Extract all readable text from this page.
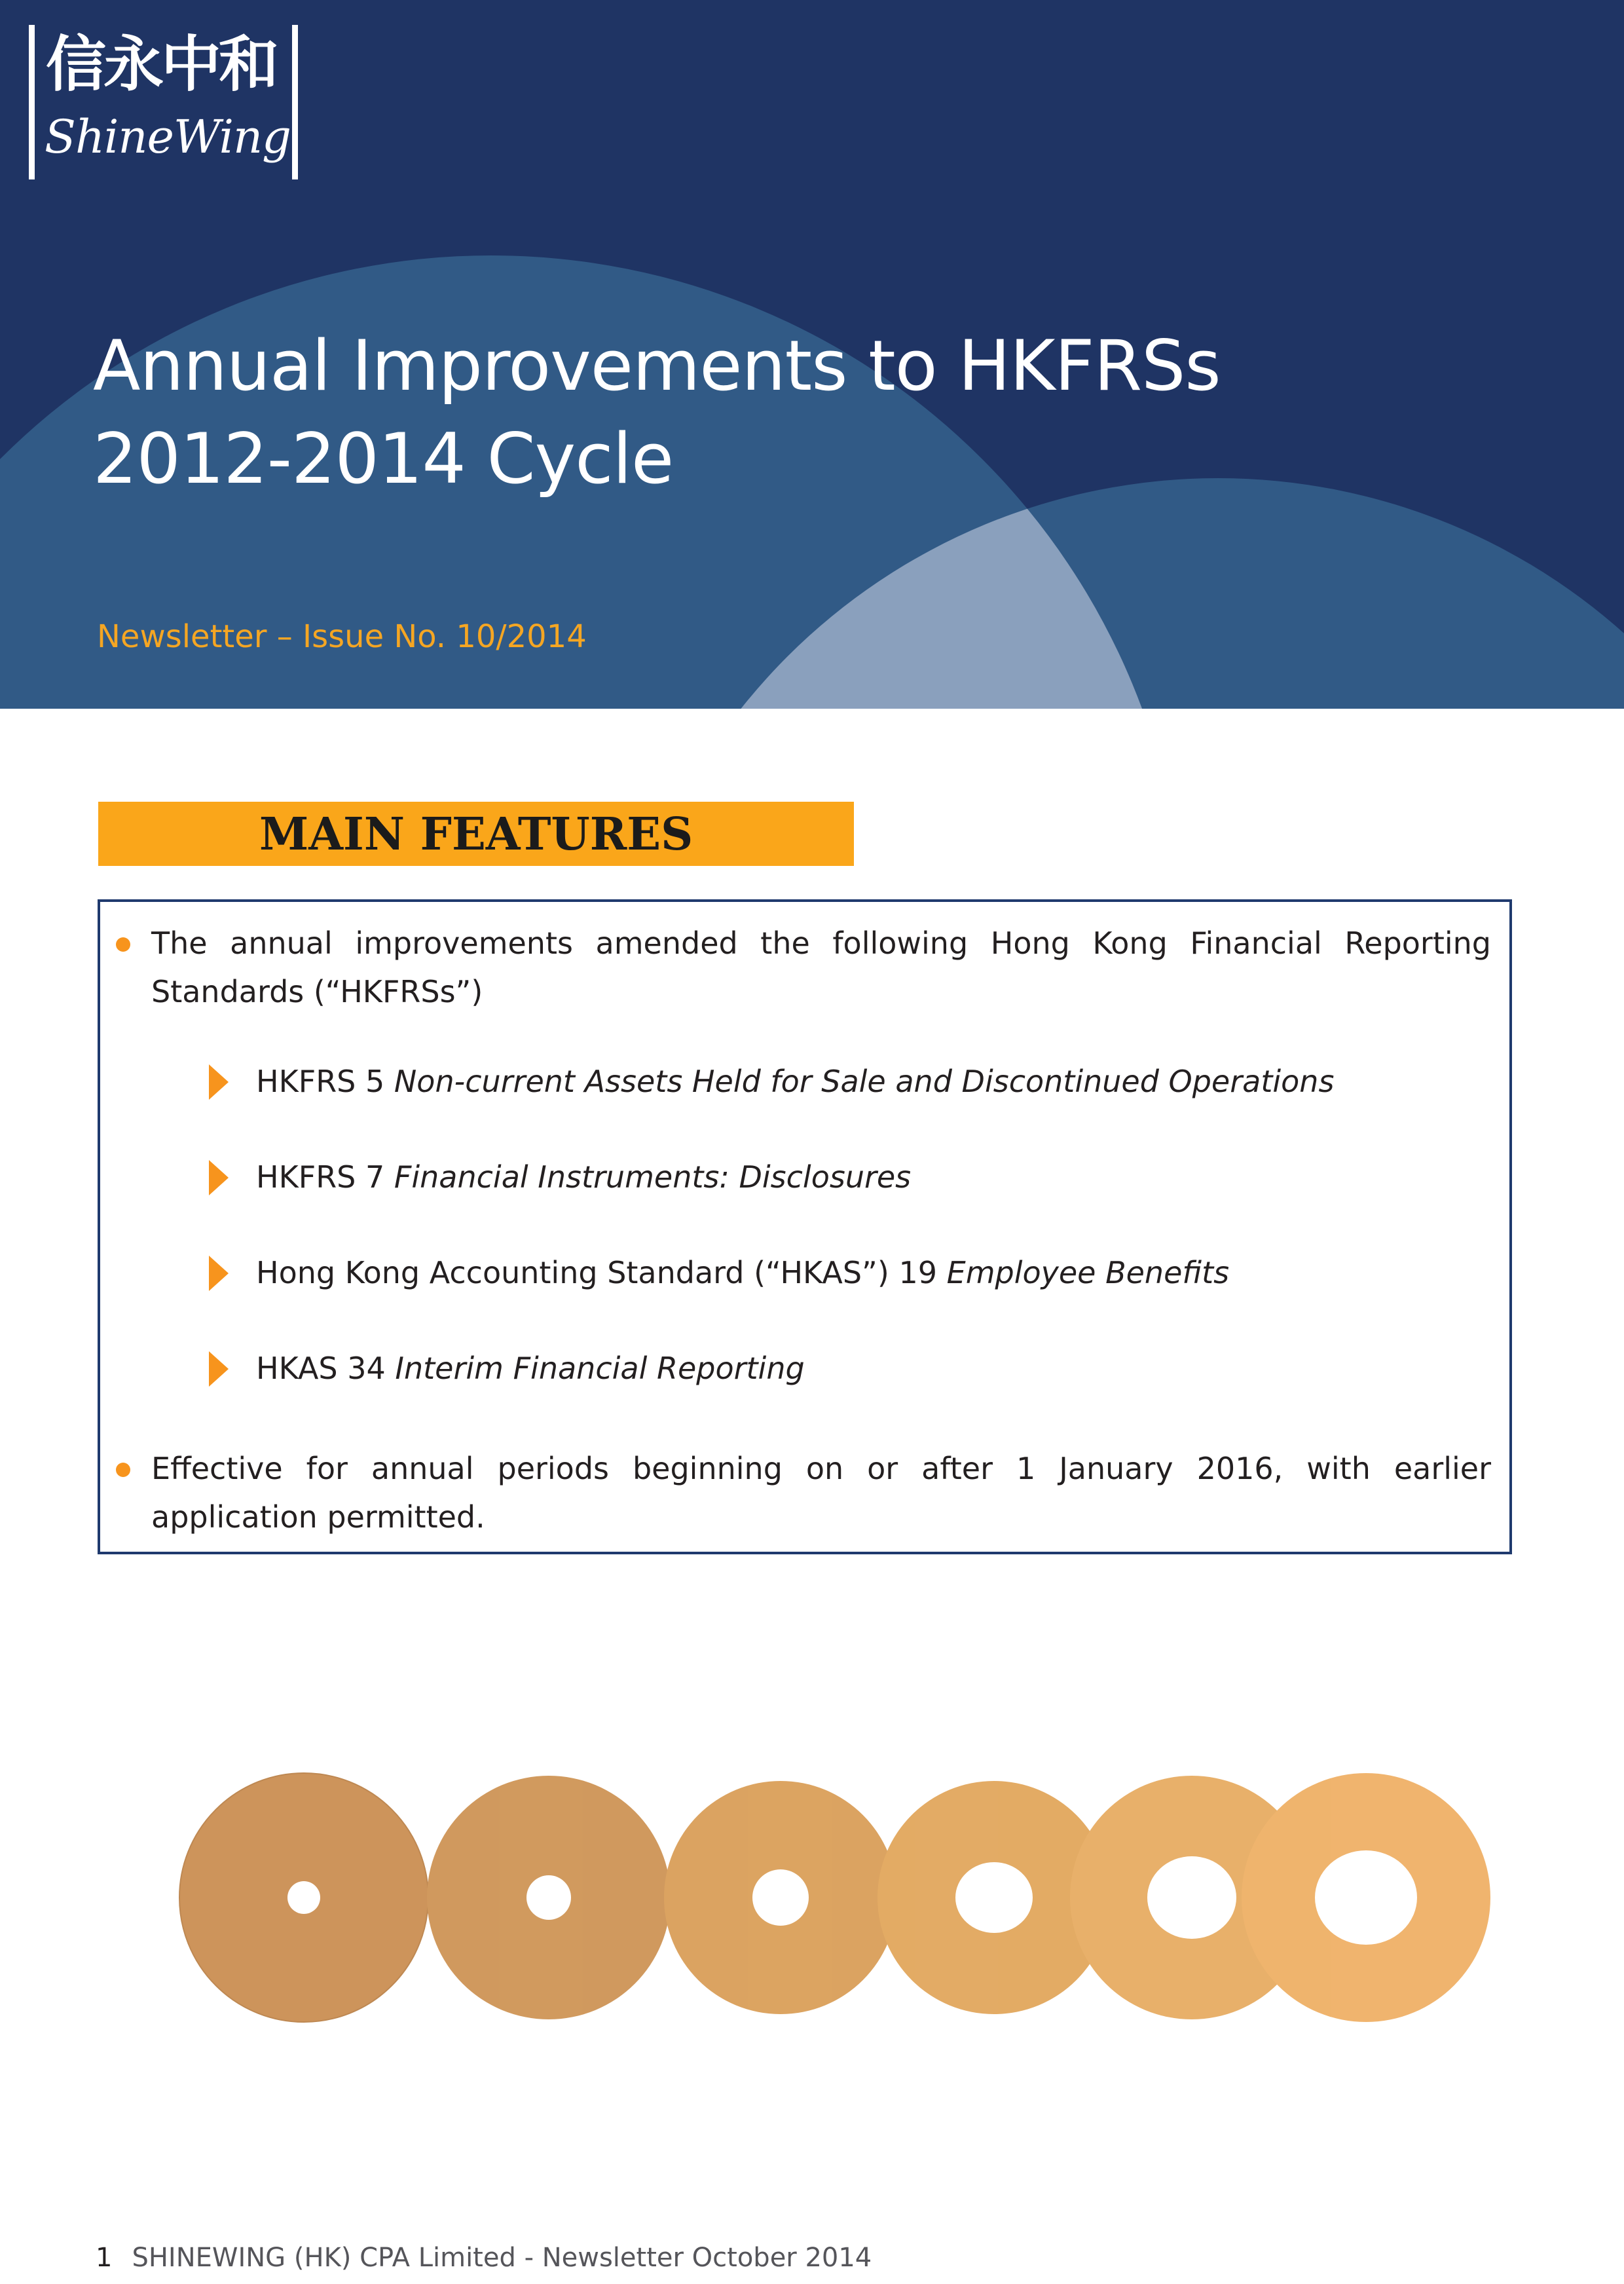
信永中和
ShineWing
Annual Improvements to HKFRSs
2012-2014 Cycle
Newsletter – Issue No. 10/2014
MAIN FEATURES
The annual improvements amended the following Hong Kong Financial Reporting Standards (“HKFRSs”)
HKFRS 5 Non-current Assets Held for Sale and Discontinued Operations
HKFRS 7 Financial Instruments: Disclosures
Hong Kong Accounting Standard (“HKAS”) 19 Employee Benefits
HKAS 34 Interim Financial Reporting
Effective for annual periods beginning on or after 1 January 2016, with earlier application permitted.
1 SHINEWING (HK) CPA Limited - Newsletter October 2014
